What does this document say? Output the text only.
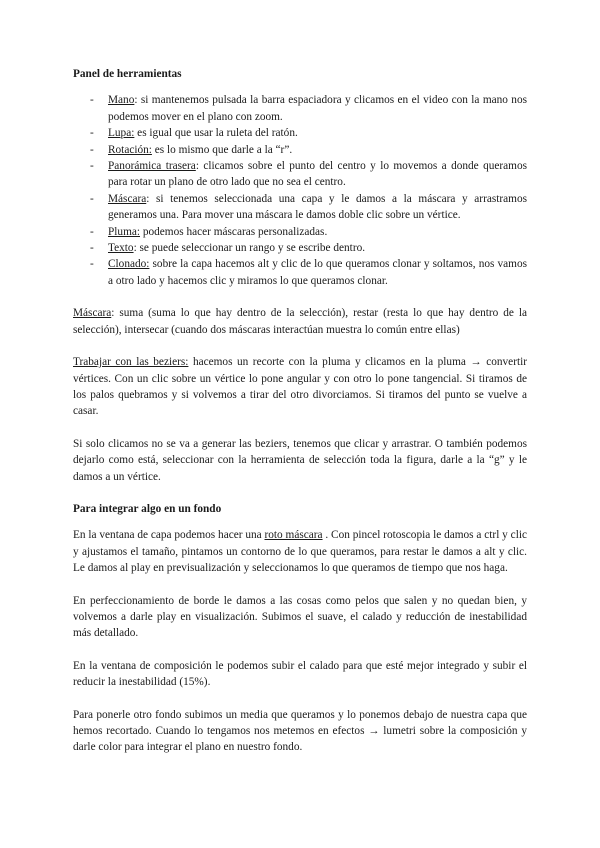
Panel de herramientas
- Mano: si mantenemos pulsada la barra espaciadora y clicamos en el video con la mano nos podemos mover en el plano con zoom.
- Lupa: es igual que usar la ruleta del ratón.
- Rotación: es lo mismo que darle a la “r”.
- Panorámica trasera: clicamos sobre el punto del centro y lo movemos a donde queramos para rotar un plano de otro lado que no sea el centro.
- Máscara: si tenemos seleccionada una capa y le damos a la máscara y arrastramos generamos una. Para mover una máscara le damos doble clic sobre un vértice.
- Pluma: podemos hacer máscaras personalizadas.
- Texto: se puede seleccionar un rango y se escribe dentro.
- Clonado: sobre la capa hacemos alt y clic de lo que queramos clonar y soltamos, nos vamos a otro lado y hacemos clic y miramos lo que queramos clonar.

Máscara: suma (suma lo que hay dentro de la selección), restar (resta lo que hay dentro de la selección), intersecar (cuando dos máscaras interactúan muestra lo común entre ellas)

Trabajar con las beziers: hacemos un recorte con la pluma y clicamos en la pluma → convertir vértices. Con un clic sobre un vértice lo pone angular y con otro lo pone tangencial. Si tiramos de los palos quebramos y si volvemos a tirar del otro divorciamos. Si tiramos del punto se vuelve a casar.

Si solo clicamos no se va a generar las beziers, tenemos que clicar y arrastrar. O también podemos dejarlo como está, seleccionar con la herramienta de selección toda la figura, darle a la “g” y le damos a un vértice.

Para integrar algo en un fondo

En la ventana de capa podemos hacer una roto máscara . Con pincel rotoscopia le damos a ctrl y clic y ajustamos el tamaño, pintamos un contorno de lo que queramos, para restar le damos a alt y clic. Le damos al play en previsualización y seleccionamos lo que queramos de tiempo que nos haga.

En perfeccionamiento de borde le damos a las cosas como pelos que salen y no quedan bien, y volvemos a darle play en visualización. Subimos el suave, el calado y reducción de inestabilidad más detallado.

En la ventana de composición le podemos subir el calado para que esté mejor integrado y subir el reducir la inestabilidad (15%).

Para ponerle otro fondo subimos un media que queramos y lo ponemos debajo de nuestra capa que hemos recortado. Cuando lo tengamos nos metemos en efectos → lumetri sobre la composición y darle color para integrar el plano en nuestro fondo.
